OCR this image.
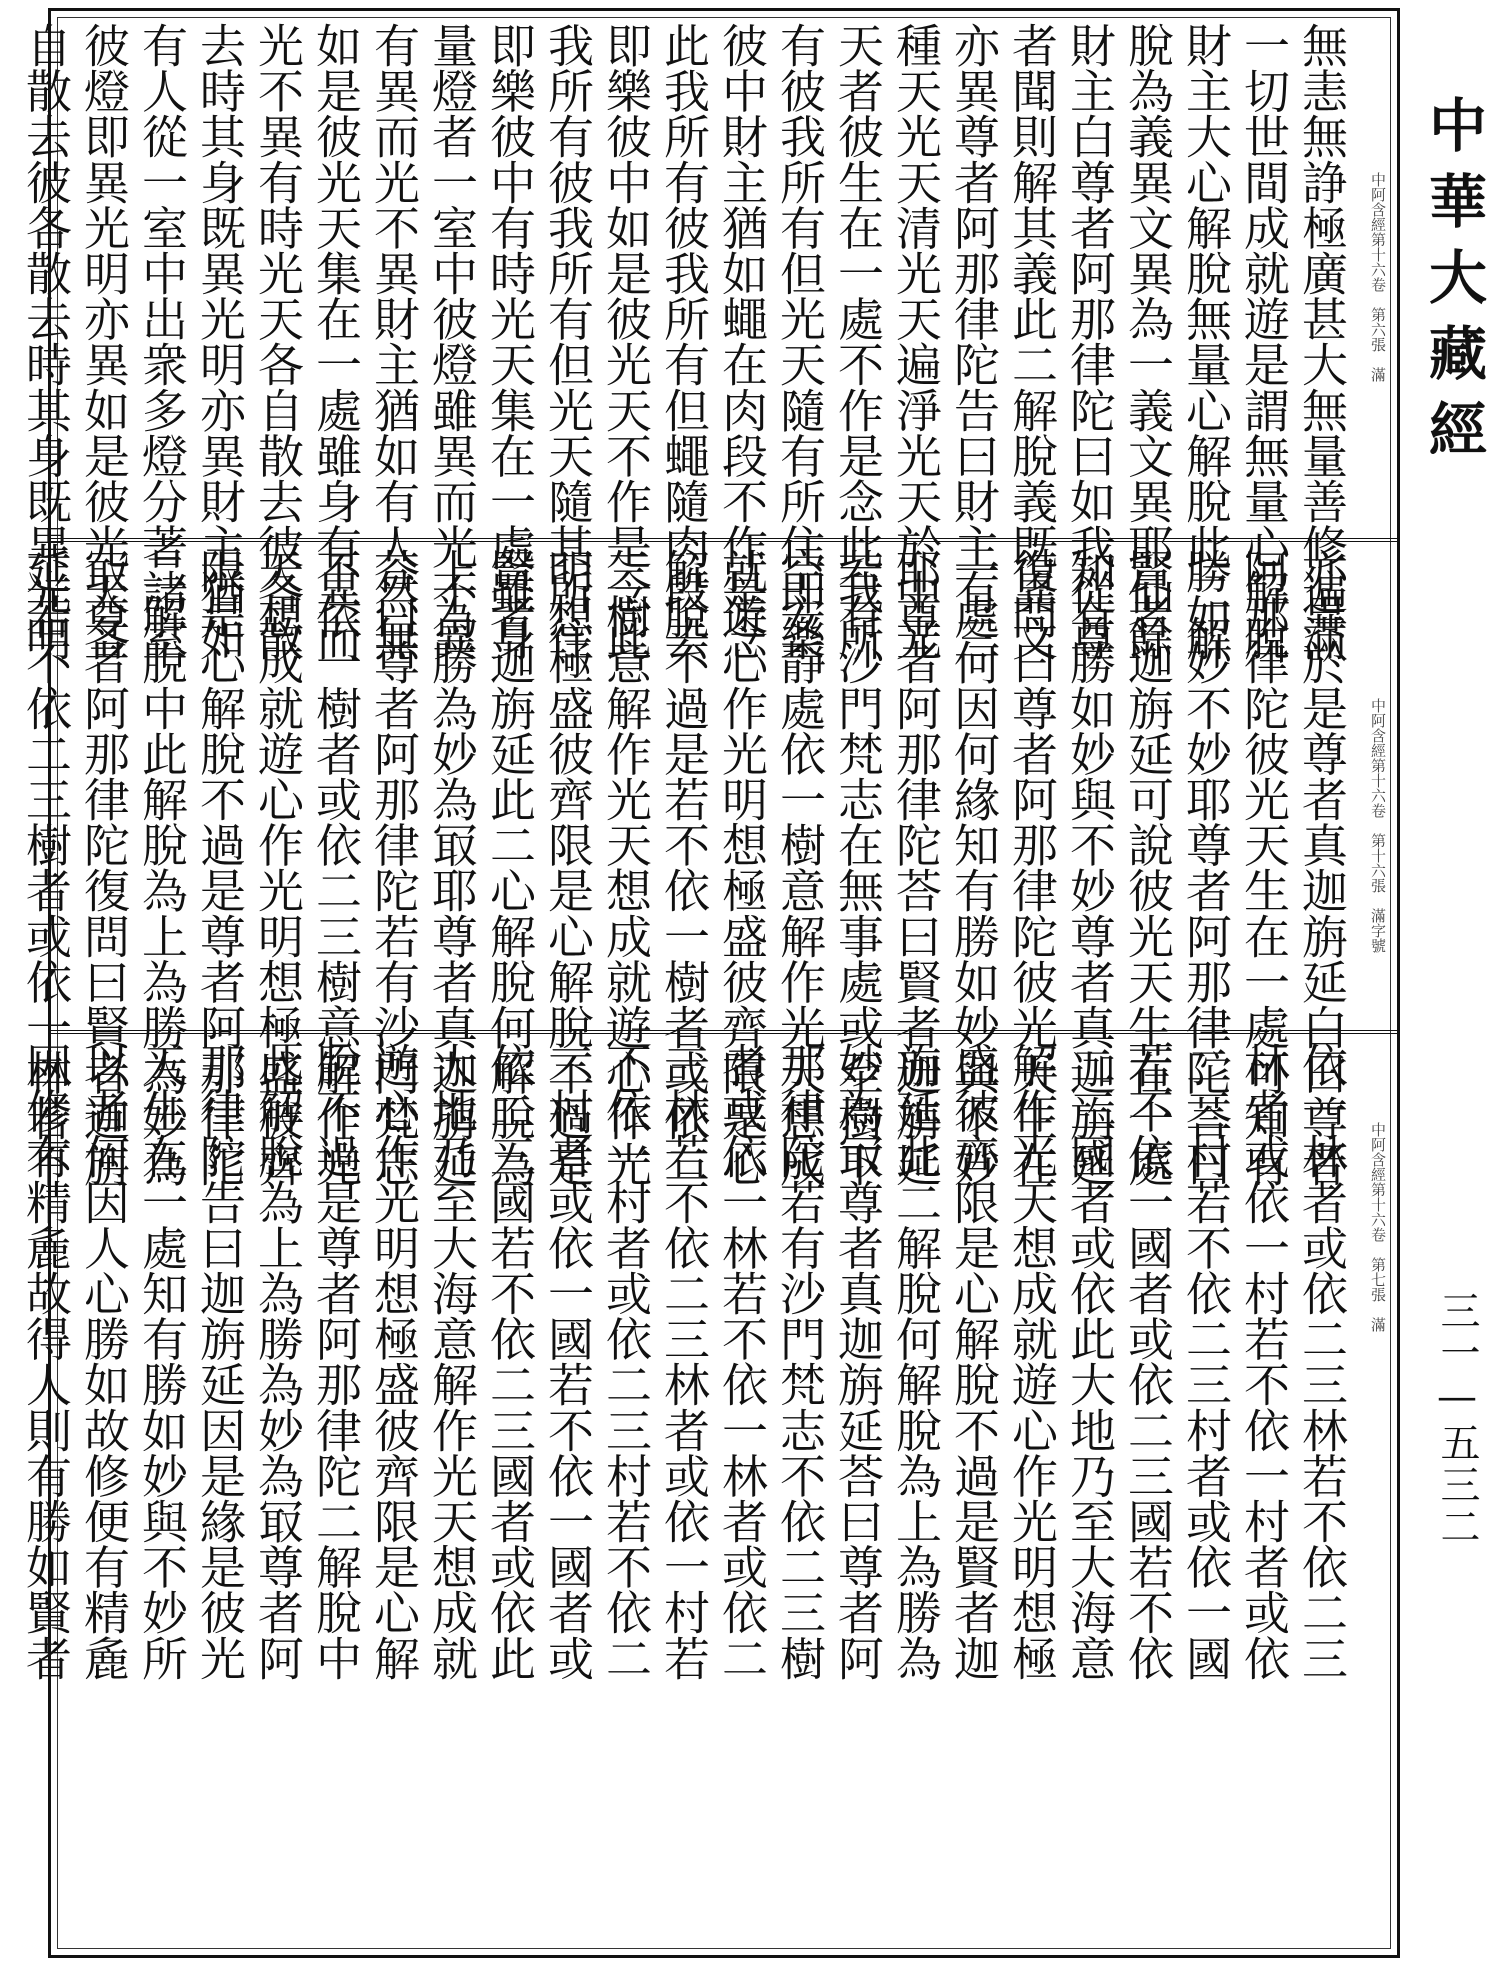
無恚無諍極廣甚大無量善修遍滿
一切世間成就遊是謂無量心解脫
財主大心解脫無量心解脫此二解
脫為義異文異為一義文異耶仙餘
財主白尊者阿那律陀曰如我從尊
者聞則解其義此二解脫義既異文
亦異尊者阿那律陀告曰財主有三
種天光天清光天遍淨光天於中光
天者彼生在一處不作是念此我所
有彼我所有但光天隨有所住即樂
彼中財主猶如蠅在肉段不作是念
此我所有彼我所有但蠅隨肉段去
即樂彼中如是彼光天不作是念此
我所有彼我所有但光天隨其所往
即樂彼中有時光天集在一處雖身
量燈者一室中彼燈雖異而光不異
有異而光不異財主猶如有人然無
如是彼光天集在一處雖身有異而
光不異有時光天各自散去彼各散
去時其身既異光明亦異財主猶如
有人從一室中出衆多燈分著諸室
彼燈即異光明亦異如是彼光天各
自散去彼各散去時其身既異光明	中阿含經第十六卷　第六張　滿
亦異於是尊者真迦旃延白曰尊者
阿那律陀彼光天生在一處可知有
勝如妙不妙耶尊者阿那律陀荅曰
賢者迦旃延可說彼光天生在一處
知有勝如妙與不妙尊者真迦旃延
復問曰尊者阿那律陀彼光天生在
一處何因何緣知有勝如妙與不妙
耶尊者阿那律陀荅曰賢者迦旃延
若有沙門梵志在無事處或至樹下
空安靜處依一樹意解作光天想成
就遊心作光明想極盛彼齊限是心
解脫不過是若不依一樹者或依二
三樹意解作光天想成就遊心作光
明想極盛彼齊限是心解脫不過是
賢者迦旃延此二心解脫何解脫為
上為勝為妙為冣耶尊者真迦旃延
荅曰尊者阿那律陀若有沙門梵志
不依一樹者或依二三樹意解作光
天想成就遊心作光明想極盛彼齊
限是心解脫不過是尊者阿那律陀
二解脫中此解脫為上為勝為妙為
冣尊者阿那律陀復問曰賢者迦旃
延若不依二三樹者或依一林若不	中阿含經第十六卷　第十六張　滿字號
依一林者或依二三林若不依二三
林者或依一村若不依一村者或依
二三村若不依二三村者或依一國
若不依一國者或依二三國若不依
二三國者或依此大地乃至大海意
解作光天想成就遊心作光明想極
盛彼齊限是心解脫不過是賢者迦
旃延此二解脫何解脫為上為勝為
妙為冣尊者真迦旃延荅曰尊者阿
那律陀若有沙門梵志不依二三樹
者或依一林若不依一林者或依二
三林若不依二三林者或依一村若
不依一村者或依二三村若不依二
三村者或依一國若不依一國者或
依二三國若不依二三國者或依此
大地乃至大海意解作光天想成就
遊心作光明想極盛彼齊限是心解
脫不過是尊者阿那律陀二解脫中
此解脫為上為勝為妙為冣尊者阿
那律陀告曰迦旃延因是緣是彼光
天生在一處知有勝如妙與不妙所
以者何因人心勝如故修便有精麁
因修有精麁故得人則有勝如賢者	中阿含經第十六卷　第七張　滿
中華大藏經
三一—五三二
